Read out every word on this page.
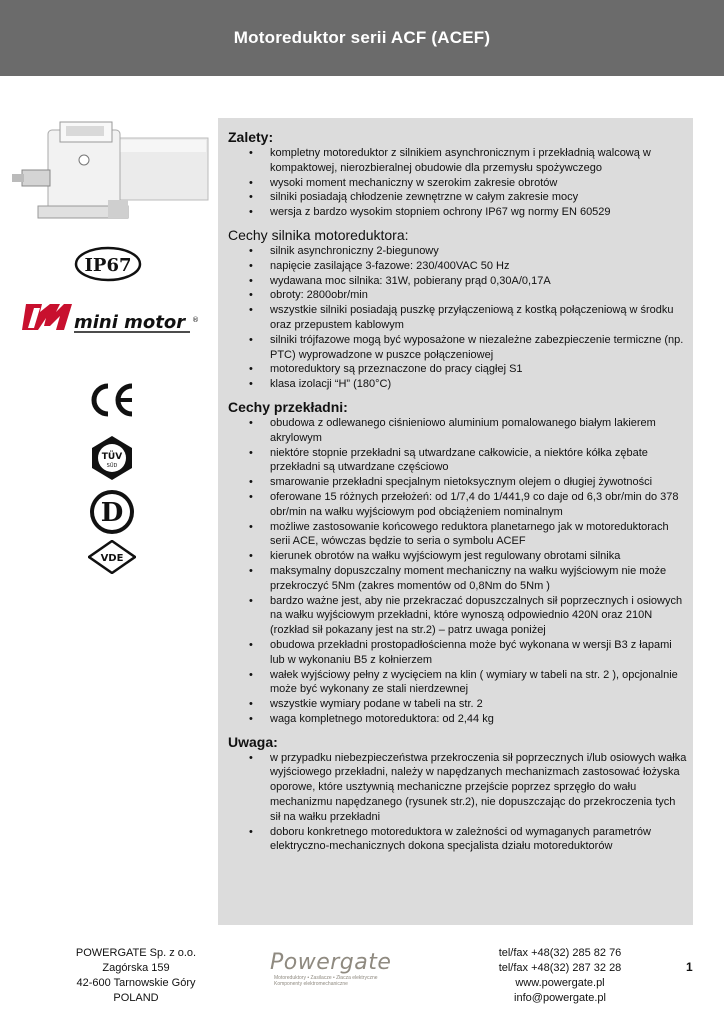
Motoreduktor serii ACF (ACEF)
IP67
mini motor ®
TÜV
SÜD
D
VDE

Zalety:

• kompletny motoreduktor z silnikiem asynchronicznym i przekładnią walcową w kompaktowej, nierozbieralnej obudowie dla przemysłu spożywczego
• wysoki moment mechaniczny w szerokim zakresie obrotów
• silniki posiadają chłodzenie zewnętrzne w całym zakresie mocy
• wersja z bardzo wysokim stopniem ochrony IP67 wg normy EN 60529

Cechy silnika motoreduktora:

• silnik asynchroniczny 2-biegunowy
• napięcie zasilające 3-fazowe: 230/400VAC 50 Hz
• wydawana moc silnika: 31W, pobierany prąd 0,30A/0,17A
• obroty: 2800obr/min
• wszystkie silniki posiadają puszkę przyłączeniową z kostką połączeniową w środku oraz przepustem kablowym
• silniki trójfazowe mogą być wyposażone w niezależne zabezpieczenie termiczne (np. PTC) wyprowadzone w puszce połączeniowej
• motoreduktory są przeznaczone do pracy ciągłej S1
• klasa izolacji “H” (180°C)

Cechy przekładni:

• obudowa z odlewanego ciśnieniowo aluminium pomalowanego białym lakierem akrylowym
• niektóre stopnie przekładni są utwardzane całkowicie, a niektóre kółka zębate przekładni są utwardzane częściowo
• smarowanie przekładni specjalnym nietoksycznym olejem o długiej żywotności
• oferowane 15 różnych przełożeń: od 1/7,4 do 1/441,9 co daje od 6,3 obr/min do 378 obr/min na wałku wyjściowym pod obciążeniem nominalnym
• możliwe zastosowanie końcowego reduktora planetarnego jak w motoreduktorach serii ACE, wówczas będzie to seria o symbolu ACEF
• kierunek obrotów na wałku wyjściowym jest regulowany obrotami silnika
• maksymalny dopuszczalny moment mechaniczny na wałku wyjściowym nie może przekroczyć 5Nm (zakres momentów od 0,8Nm do 5Nm )
• bardzo ważne jest, aby nie przekraczać dopuszczalnych sił poprzecznych i osiowych na wałku wyjściowym przekładni, które wynoszą odpowiednio 420N oraz 210N (rozkład sił pokazany jest na str.2) – patrz uwaga poniżej
• obudowa przekładni prostopadłościenna może być wykonana w wersji B3 z łapami lub w wykonaniu B5 z kołnierzem
• wałek wyjściowy pełny z wycięciem na klin ( wymiary w tabeli na str. 2 ), opcjonalnie może być wykonany ze stali nierdzewnej
• wszystkie wymiary podane w tabeli na str. 2
• waga kompletnego motoreduktora: od 2,44 kg

Uwaga:

• w przypadku niebezpieczeństwa przekroczenia sił poprzecznych i/lub osiowych wałka wyjściowego przekładni, należy w napędzanych mechanizmach zastosować łożyska oporowe, które usztywnią mechaniczne przejście poprzez sprzęgło do wału mechanizmu napędzanego (rysunek str.2), nie dopuszczając do przekroczenia tych sił na wałku przekładni
• doboru konkretnego motoreduktora w zależności od wymaganych parametrów elektryczno-mechanicznych dokona specjalista działu motoreduktorów
POWERGATE Sp. z o.o.
Zagórska 159
42-600 Tarnowskie Góry
POLAND
Powergate
Motoreduktory • Zasilacze • Złacza elektryczne
Komponenty elektromechaniczne
tel/fax +48(32) 285 82 76
tel/fax +48(32) 287 32 28
www.powergate.pl
info@powergate.pl
1
